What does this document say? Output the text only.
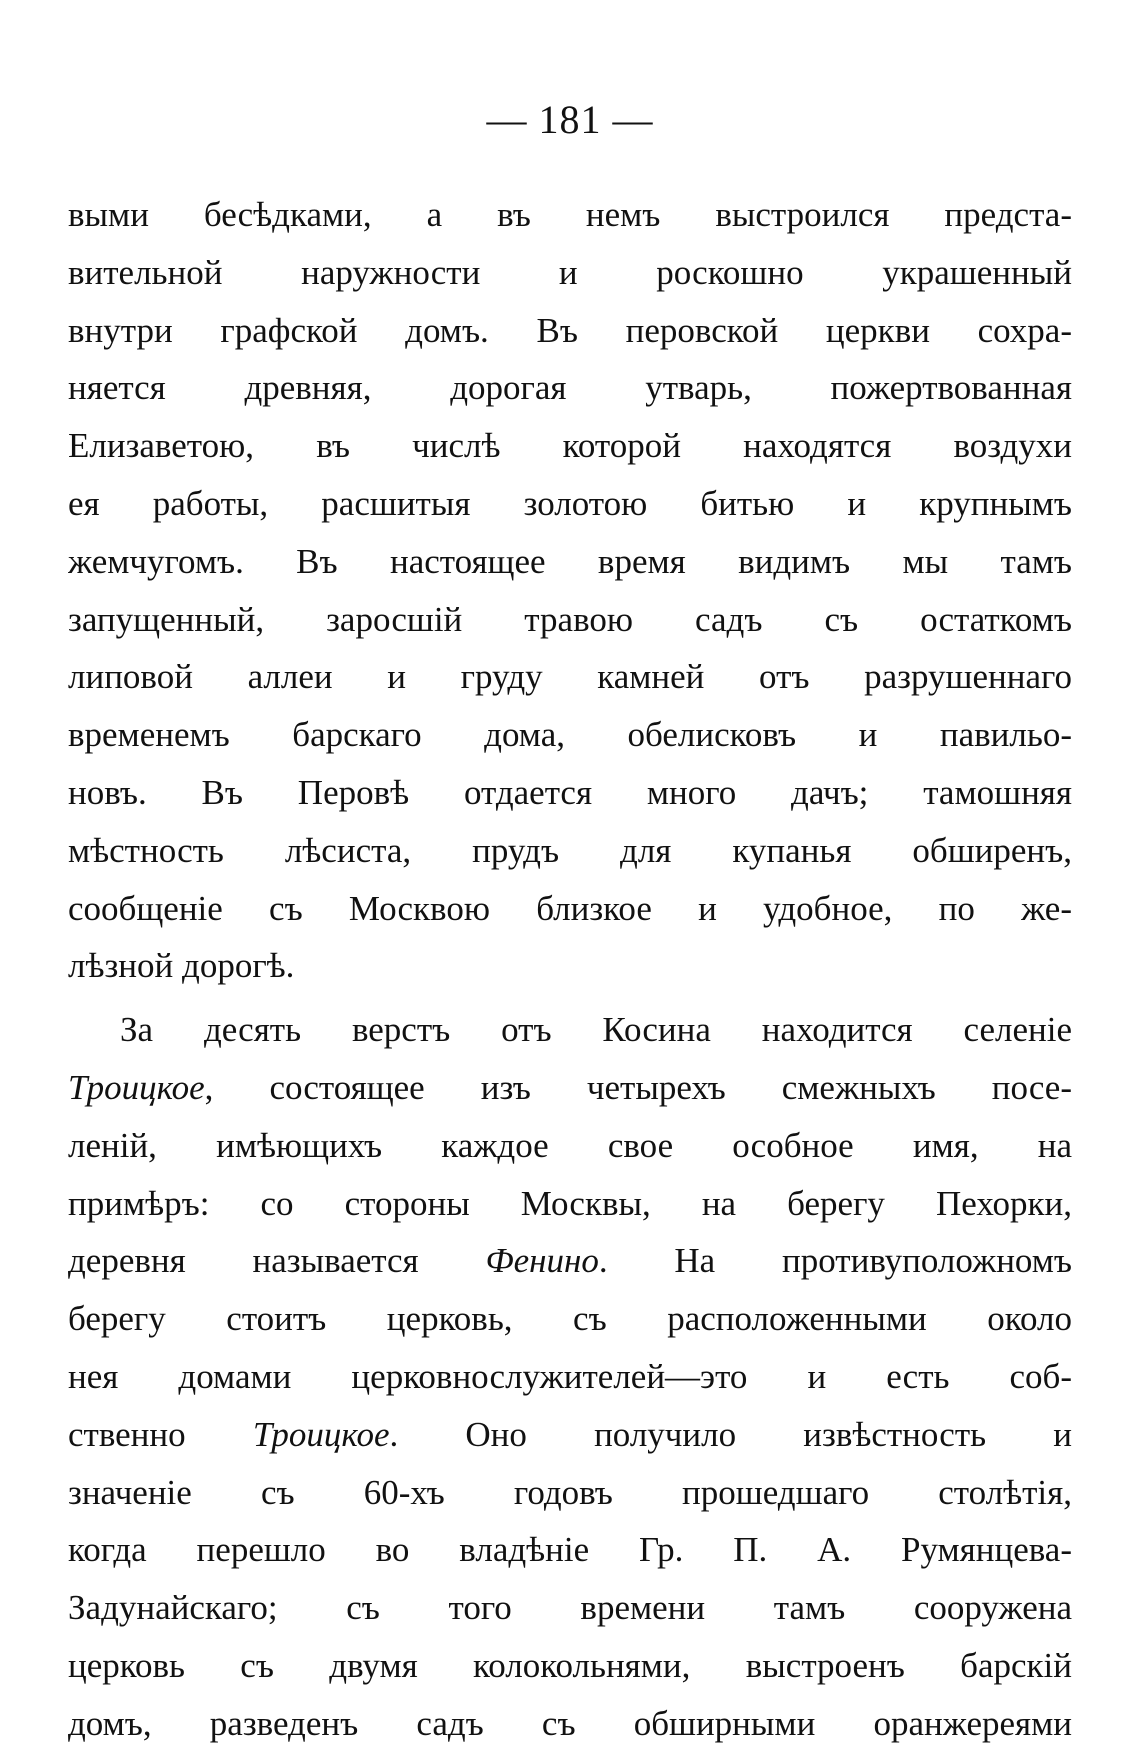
— 181 —
выми бесѣдками, а въ немъ выстроился предста-
вительной наружности и роскошно украшенный
внутри графской домъ. Въ перовской церкви сохра-
няется древняя, дорогая утварь, пожертвованная
Елизаветою, въ числѣ которой находятся воздухи
ея работы, расшитыя золотою битью и крупнымъ
жемчугомъ. Въ настоящее время видимъ мы тамъ
запущенный, заросшій травою садъ съ остаткомъ
липовой аллеи и груду камней отъ разрушеннаго
временемъ барскаго дома, обелисковъ и павильо-
новъ. Въ Перовѣ отдается много дачъ; тамошняя
мѣстность лѣсиста, прудъ для купанья обширенъ,
сообщеніе съ Москвою близкое и удобное, по же-
лѣзной дорогѣ.
За десять верстъ отъ Косина находится селеніе
Троицкое, состоящее изъ четырехъ смежныхъ посе-
леній, имѣющихъ каждое свое особное имя, на
примѣръ: со стороны Москвы, на берегу Пехорки,
деревня называется Фенино. На противуположномъ
берегу стоитъ церковь, съ расположенными около
нея домами церковнослужителей—это и есть соб-
ственно Троицкое. Оно получило извѣстность и
значеніе съ 60-хъ годовъ прошедшаго столѣтія,
когда перешло во владѣніе Гр. П. А. Румянцева-
Задунайскаго; съ того времени тамъ сооружена
церковь съ двумя колокольнями, выстроенъ барскій
домъ, разведенъ садъ съ обширными оранжереями
